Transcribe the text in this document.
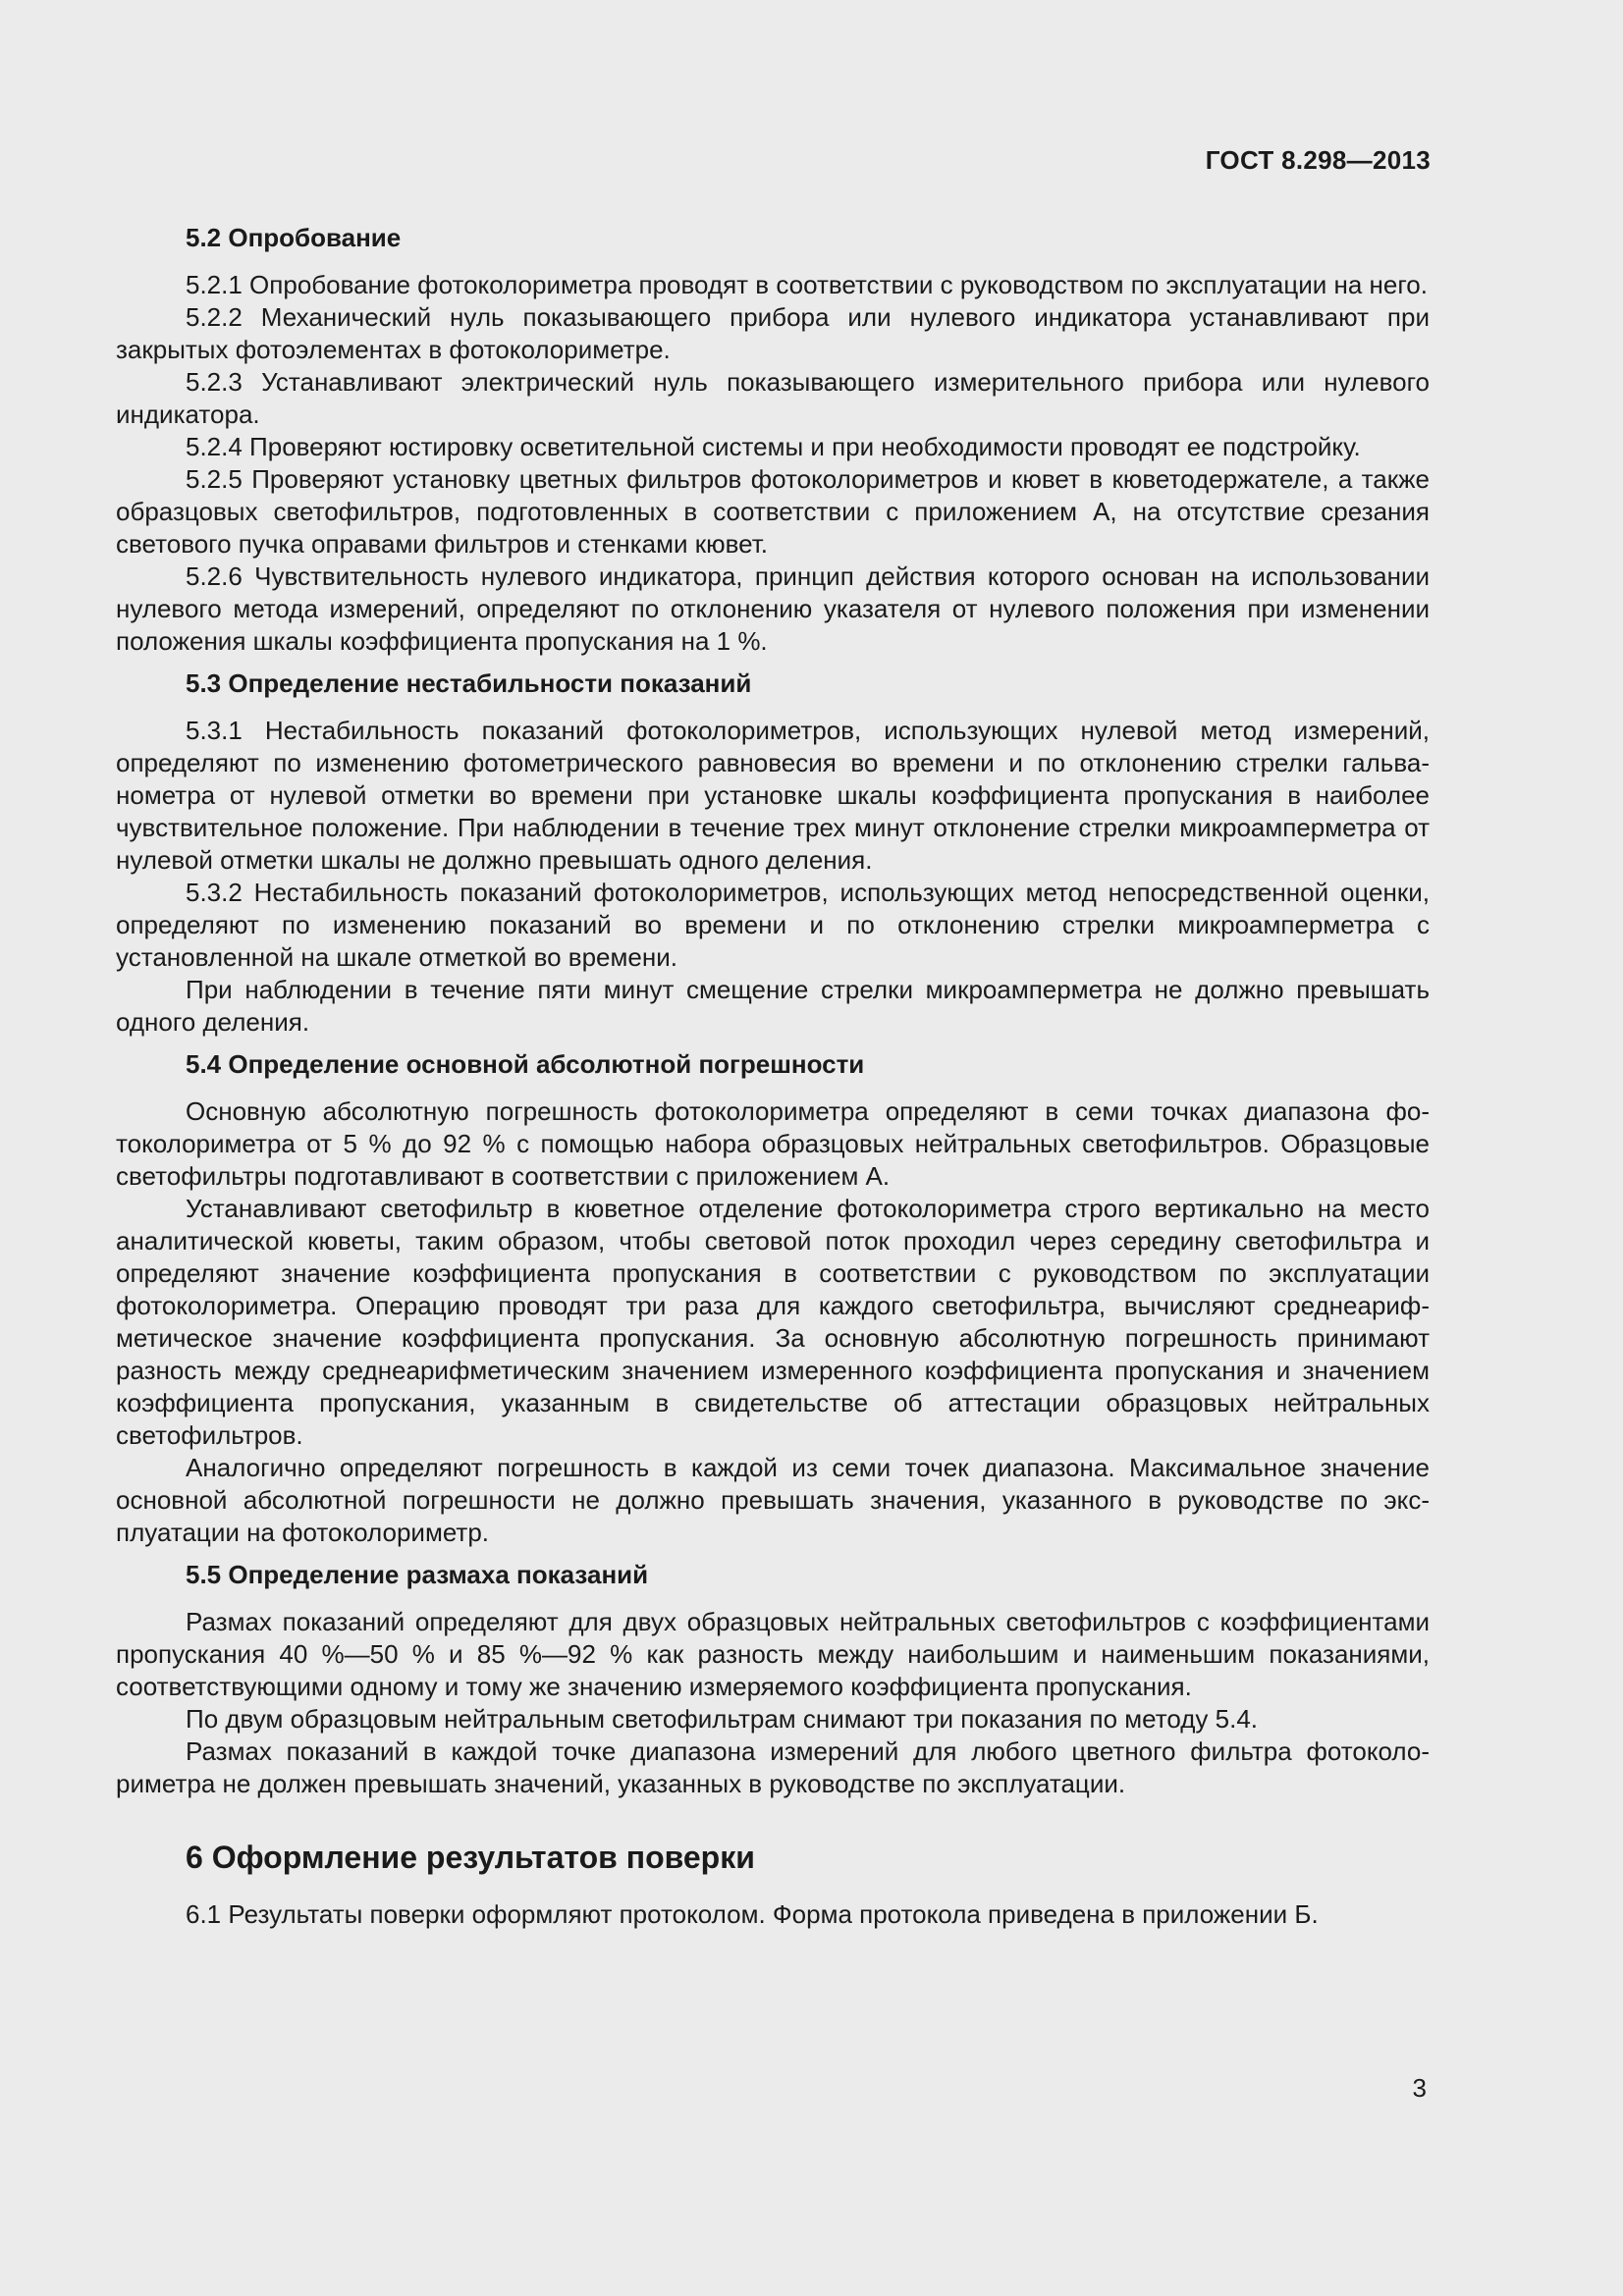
ГОСТ 8.298—2013
5.2 Опробование

5.2.1 Опробование фотоколориметра проводят в соответствии с руководством по эксплуатации на него.

5.2.2 Механический нуль показывающего прибора или нулевого индикатора устанавливают при закрытых фотоэлементах в фотоколориметре.

5.2.3 Устанавливают электрический нуль показывающего измерительного прибора или нулевого индикатора.

5.2.4 Проверяют юстировку осветительной системы и при необходимости проводят ее подстройку.

5.2.5 Проверяют установку цветных фильтров фотоколориметров и кювет в кюветодержателе, а также образцовых светофильтров, подготовленных в соответствии с приложением А, на отсутствие срезания светового пучка оправами фильтров и стенками кювет.

5.2.6 Чувствительность нулевого индикатора, принцип действия которого основан на использовании нулевого метода измерений, определяют по отклонению указателя от нулевого положения при изменении положения шкалы коэффициента пропускания на 1 %.

5.3 Определение нестабильности показаний

5.3.1 Нестабильность показаний фотоколориметров, использующих нулевой метод измерений, определяют по изменению фотометрического равновесия во времени и по отклонению стрелки гальванометра от нулевой отметки во времени при установке шкалы коэффициента пропускания в наиболее чувствительное положение. При наблюдении в течение трех минут отклонение стрелки микроамперметра от нулевой отметки шкалы не должно превышать одного деления.

5.3.2 Нестабильность показаний фотоколориметров, использующих метод непосредственной оценки, определяют по изменению показаний во времени и по отклонению стрелки микроамперметра с установленной на шкале отметкой во времени.

При наблюдении в течение пяти минут смещение стрелки микроамперметра не должно превышать одного деления.

5.4 Определение основной абсолютной погрешности

Основную абсолютную погрешность фотоколориметра определяют в семи точках диапазона фотоколориметра от 5 % до 92 % с помощью набора образцовых нейтральных светофильтров. Образцовые светофильтры подготавливают в соответствии с приложением А.

Устанавливают светофильтр в кюветное отделение фотоколориметра строго вертикально на место аналитической кюветы, таким образом, чтобы световой поток проходил через середину светофильтра и определяют значение коэффициента пропускания в соответствии с руководством по эксплуатации фотоколориметра. Операцию проводят три раза для каждого светофильтра, вычисляют среднеарифметическое значение коэффициента пропускания. За основную абсолютную погрешность принимают разность между среднеарифметическим значением измеренного коэффициента пропускания и значением коэффициента пропускания, указанным в свидетельстве об аттестации образцовых нейтральных светофильтров.

Аналогично определяют погрешность в каждой из семи точек диапазона. Максимальное значение основной абсолютной погрешности не должно превышать значения, указанного в руководстве по эксплуатации на фотоколориметр.

5.5 Определение размаха показаний

Размах показаний определяют для двух образцовых нейтральных светофильтров с коэффициентами пропускания 40 %—50 % и 85 %—92 % как разность между наибольшим и наименьшим показаниями, соответствующими одному и тому же значению измеряемого коэффициента пропускания.

По двум образцовым нейтральным светофильтрам снимают три показания по методу 5.4.

Размах показаний в каждой точке диапазона измерений для любого цветного фильтра фотоколориметра не должен превышать значений, указанных в руководстве по эксплуатации.

6 Оформление результатов поверки

6.1 Результаты поверки оформляют протоколом. Форма протокола приведена в приложении Б.

3
